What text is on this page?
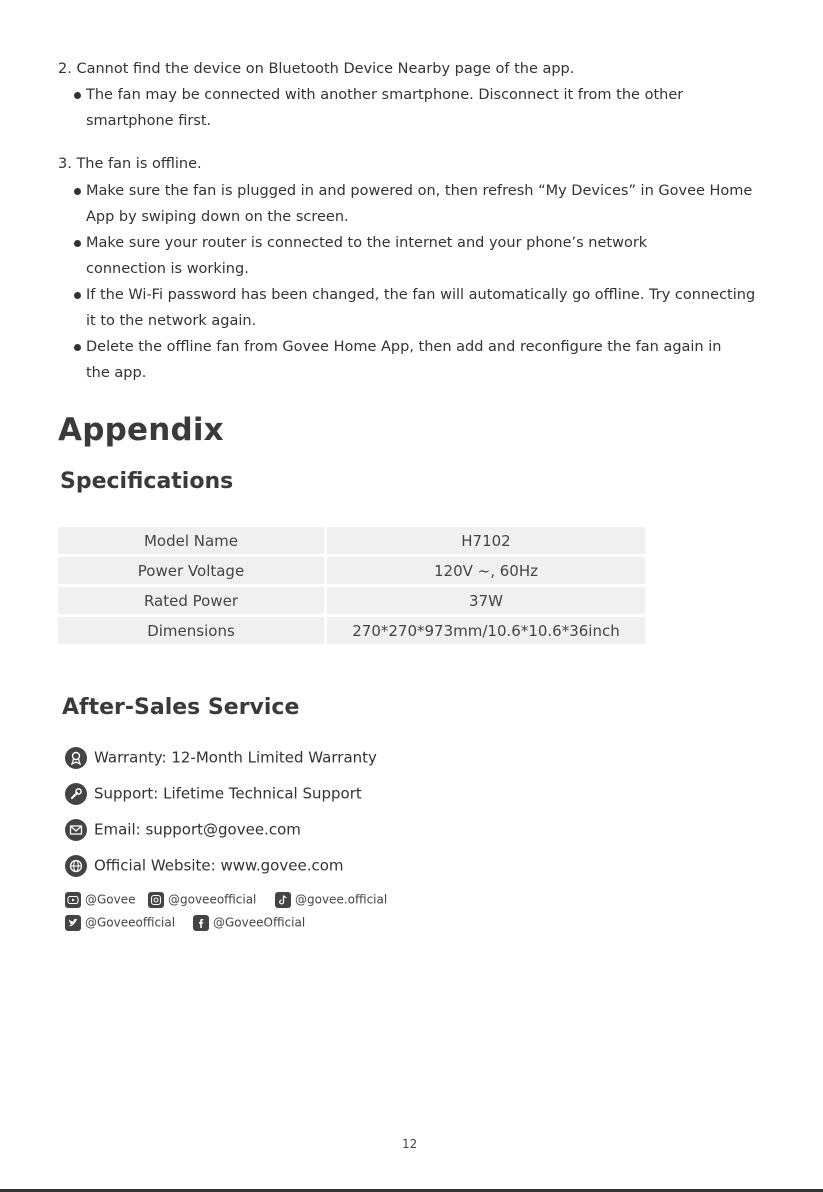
2. Cannot find the device on Bluetooth Device Nearby page of the app.
The fan may be connected with another smartphone. Disconnect it from the other
smartphone first.
3. The fan is offline.
Make sure the fan is plugged in and powered on, then refresh “My Devices” in Govee Home
App by swiping down on the screen.
Make sure your router is connected to the internet and your phone’s network
connection is working.
If the Wi-Fi password has been changed, the fan will automatically go offline. Try connecting
it to the network again.
Delete the offline fan from Govee Home App, then add and reconfigure the fan again in
the app.
Appendix
Specifications
Model Name	H7102
Power Voltage	120V ~, 60Hz
Rated Power	37W
Dimensions	270*270*973mm/10.6*10.6*36inch
After-Sales Service
Warranty: 12-Month Limited Warranty
Support: Lifetime Technical Support
Email: support@govee.com
Official Website: www.govee.com
@Govee	@goveeofficial	@govee.official
@Goveeofficial	@GoveeOfficial
12
